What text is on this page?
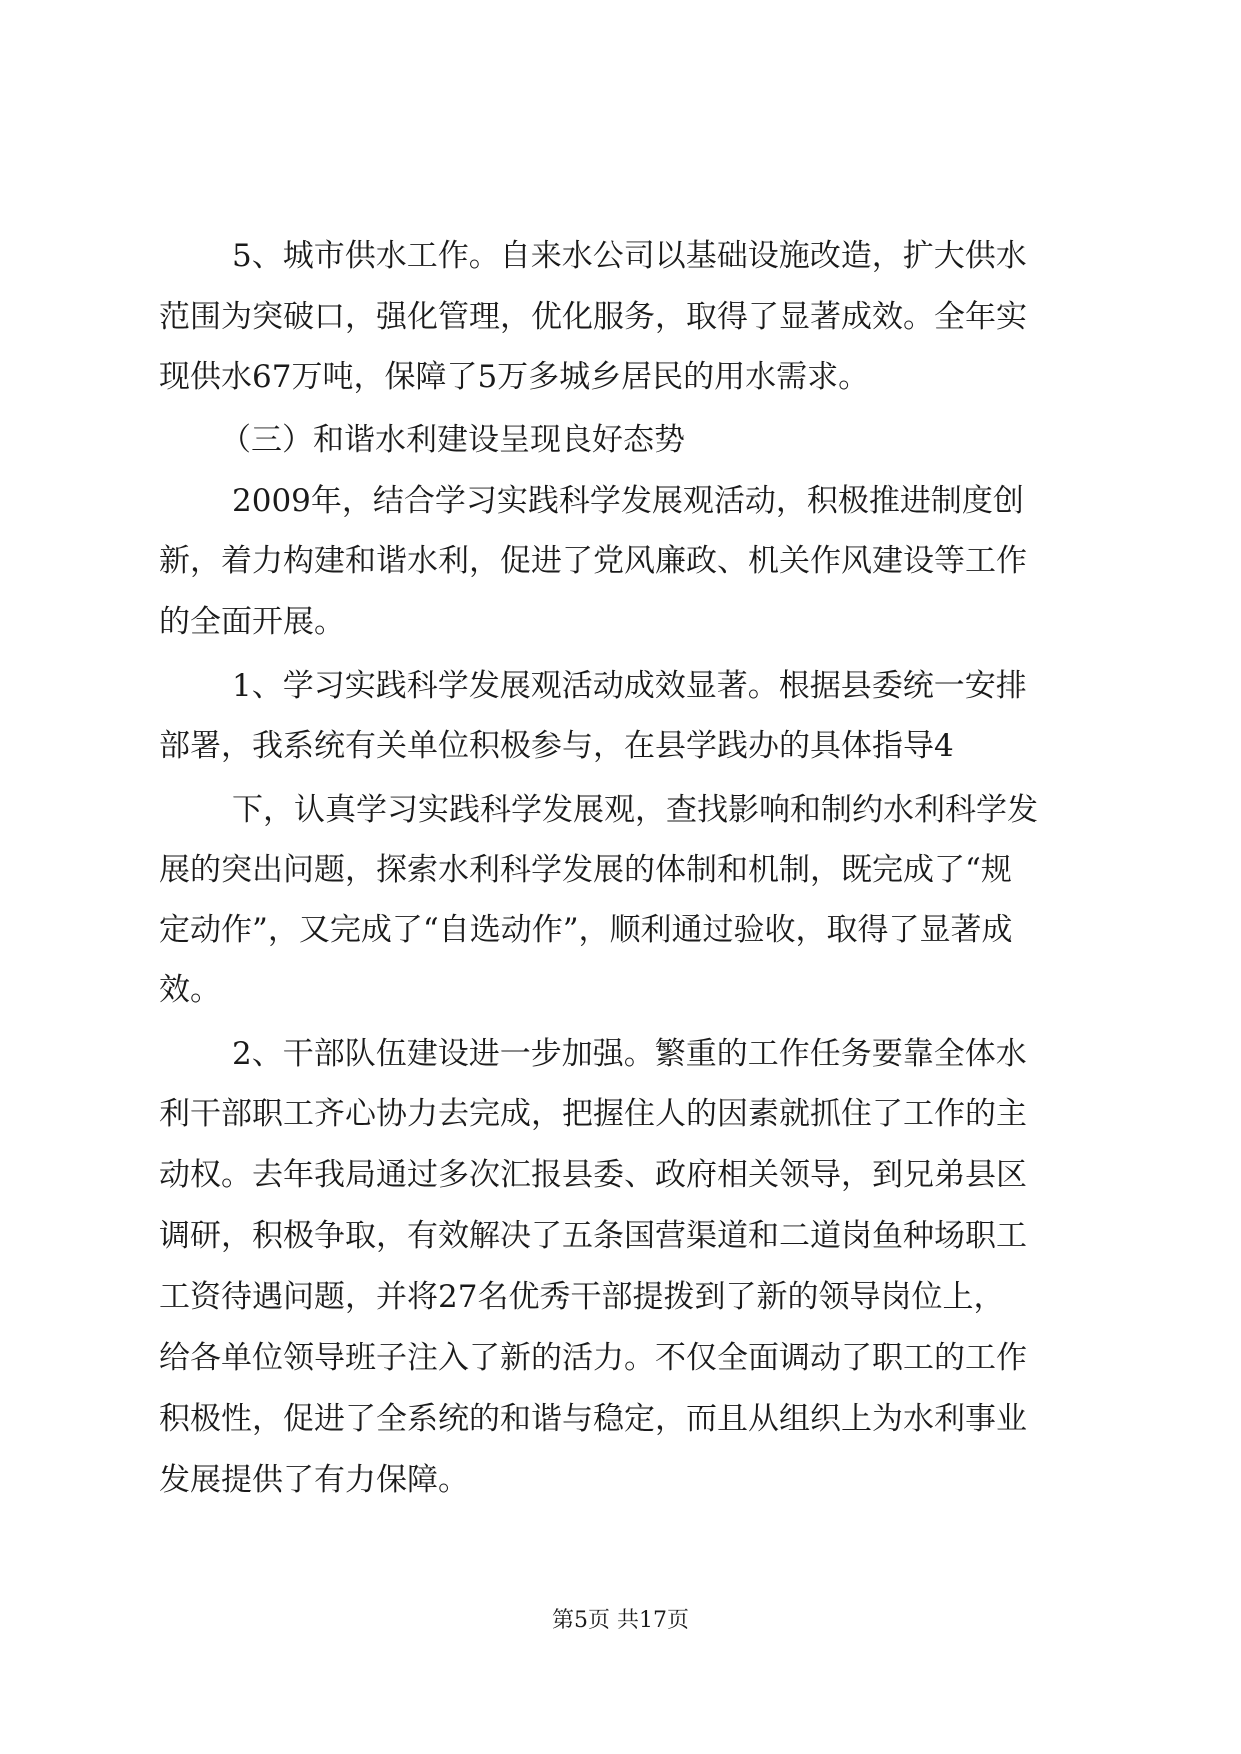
5、城市供水工作。自来水公司以基础设施改造，扩大供水
范围为突破口，强化管理，优化服务，取得了显著成效。全年实
现供水67万吨，保障了5万多城乡居民的用水需求。
（三）和谐水利建设呈现良好态势
2009年，结合学习实践科学发展观活动，积极推进制度创
新，着力构建和谐水利，促进了党风廉政、机关作风建设等工作
的全面开展。
1、学习实践科学发展观活动成效显著。根据县委统一安排
部署，我系统有关单位积极参与，在县学践办的具体指导4
下，认真学习实践科学发展观，查找影响和制约水利科学发
展的突出问题，探索水利科学发展的体制和机制，既完成了“规
定动作”，又完成了“自选动作”，顺利通过验收，取得了显著成
效。
2、干部队伍建设进一步加强。繁重的工作任务要靠全体水
利干部职工齐心协力去完成，把握住人的因素就抓住了工作的主
动权。去年我局通过多次汇报县委、政府相关领导，到兄弟县区
调研，积极争取，有效解决了五条国营渠道和二道岗鱼种场职工
工资待遇问题，并将27名优秀干部提拨到了新的领导岗位上，
给各单位领导班子注入了新的活力。不仅全面调动了职工的工作
积极性，促进了全系统的和谐与稳定，而且从组织上为水利事业
发展提供了有力保障。
第5页 共17页
